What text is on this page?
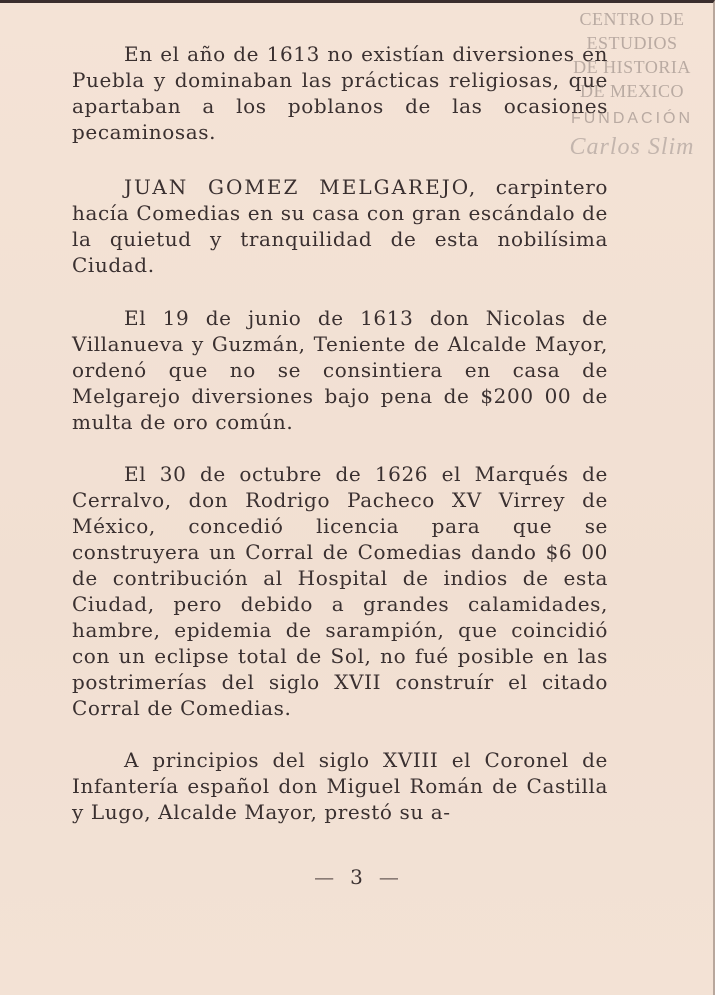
CENTRO DE
ESTUDIOS
DE HISTORIA
DE MEXICO
FUNDACIÓN
Carlos Slim

En el año de 1613 no existían diversiones en Puebla y dominaban las prácticas religiosas, que apartaban a los poblanos de las ocasiones pecaminosas.

JUAN GOMEZ MELGAREJO, carpintero hacía Comedias en su casa con gran escándalo de la quietud y tranquilidad de esta nobilísima Ciudad.

El 19 de junio de 1613 don Nicolas de Villanueva y Guzmán, Teniente de Alcalde Mayor, ordenó que no se consintiera en casa de Melgarejo diversiones bajo pena de $200 00 de multa de oro común.

El 30 de octubre de 1626 el Marqués de Cerralvo, don Rodrigo Pacheco XV Virrey de México, concedió licencia para que se construyera un Corral de Comedias dando $6 00 de contribución al Hospital de indios de esta Ciudad, pero debido a grandes calamidades, hambre, epidemia de sarampión, que coincidió con un eclipse total de Sol, no fué posible en las postrimerías del siglo XVII construír el citado Corral de Comedias.

A principios del siglo XVIII el Coronel de Infantería español don Miguel Román de Castilla y Lugo, Alcalde Mayor, prestó su a-

— 3 —
